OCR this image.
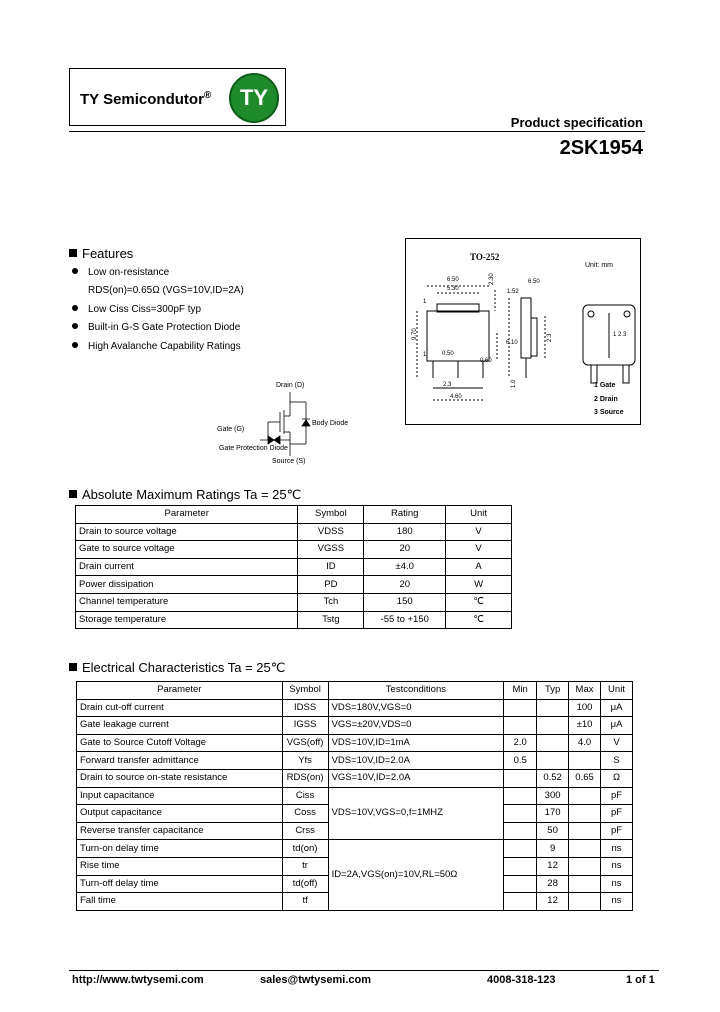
TY Semicondutor®	TY
Product specification
2SK1954
Features
Low on-resistance
RDS(on)=0.65Ω (VGS=10V,ID=2A)
Low Ciss Ciss=300pF typ
Built-in G-S Gate Protection Diode
High Avalanche Capability Ratings
TO-252
Unit: mm
6.50
5.30
2.30
0.60
0.50
6.10
9.70
2.3
4.60
1.52
6.50
1.0
2.3
1
1
1 2 3
1 Gate
2 Drain
3 Source
Drain (D)
Gate (G)
Body Diode
Gate Protection Diode
Source (S)
Absolute Maximum Ratings Ta = 25℃
Parameter	Symbol	Rating	Unit
Drain to source voltage	VDSS	180	V
Gate to source voltage	VGSS	20	V
Drain current	ID	±4.0	A
Power dissipation	PD	20	W
Channel temperature	Tch	150	℃
Storage temperature	Tstg	-55 to +150	℃
Electrical Characteristics Ta = 25℃
Parameter	Symbol	Testconditions	Min	Typ	Max	Unit
Drain cut-off current	IDSS	VDS=180V,VGS=0			100	μA
Gate leakage current	IGSS	VGS=±20V,VDS=0			±10	μA
Gate to Source Cutoff Voltage	VGS(off)	VDS=10V,ID=1mA	2.0		4.0	V
Forward transfer admittance	Yfs	VDS=10V,ID=2.0A	0.5			S
Drain to source on-state resistance	RDS(on)	VGS=10V,ID=2.0A		0.52	0.65	Ω
Input capacitance	Ciss	VDS=10V,VGS=0,f=1MHZ		300		pF
Output capacitance	Coss			170		pF
Reverse transfer capacitance	Crss			50		pF
Turn-on delay time	td(on)	ID=2A,VGS(on)=10V,RL=50Ω		9		ns
Rise time	tr			12		ns
Turn-off delay time	td(off)			28		ns
Fall time	tf			12		ns
http://www.twtysemi.com	sales@twtysemi.com	4008-318-123	1 of 1
